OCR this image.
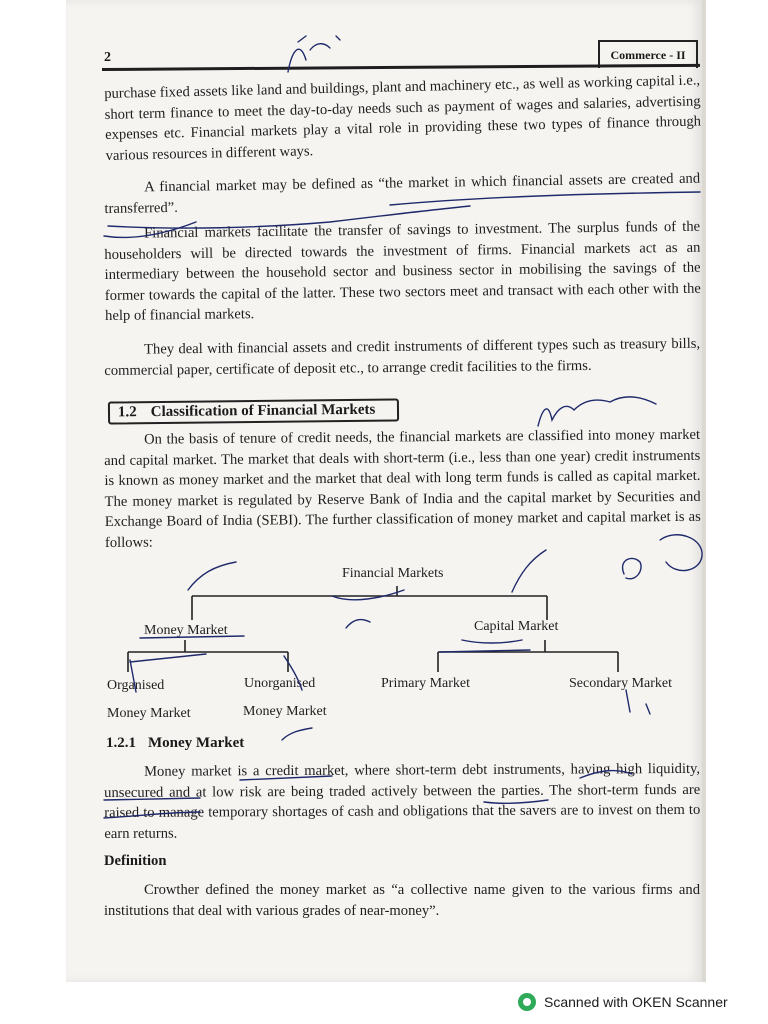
2	Commerce - II

purchase fixed assets like land and buildings, plant and machinery etc., as well as working capital i.e., short term finance to meet the day-to-day needs such as payment of wages and salaries, advertising expenses etc. Financial markets play a vital role in providing these two types of finance through various resources in different ways.

A financial market may be defined as “the market in which financial assets are created and transferred”.

Financial markets facilitate the transfer of savings to investment. The surplus funds of the householders will be directed towards the investment of firms. Financial markets act as an intermediary between the household sector and business sector in mobilising the savings of the former towards the capital of the latter. These two sectors meet and transact with each other with the help of financial markets.

They deal with financial assets and credit instruments of different types such as treasury bills, commercial paper, certificate of deposit etc., to arrange credit facilities to the firms.

1.2 Classification of Financial Markets

On the basis of tenure of credit needs, the financial markets are classified into money market and capital market. The market that deals with short-term (i.e., less than one year) credit instruments is known as money market and the market that deal with long term funds is called as capital market. The money market is regulated by Reserve Bank of India and the capital market by Securities and Exchange Board of India (SEBI). The further classification of money market and capital market is as follows:

Financial Markets
Money Market	Capital Market
Organised
Money Market
Unorganised
Money Market
Primary Market	Secondary Market
1.2.1 Money Market

Money market is a credit market, where short-term debt instruments, having high liquidity, unsecured and at low risk are being traded actively between the parties. The short-term funds are raised to manage temporary shortages of cash and obligations that the savers are to invest on them to earn returns.

Definition

Crowther defined the money market as “a collective name given to the various firms and institutions that deal with various grades of near-money”.

Scanned with OKEN Scanner
